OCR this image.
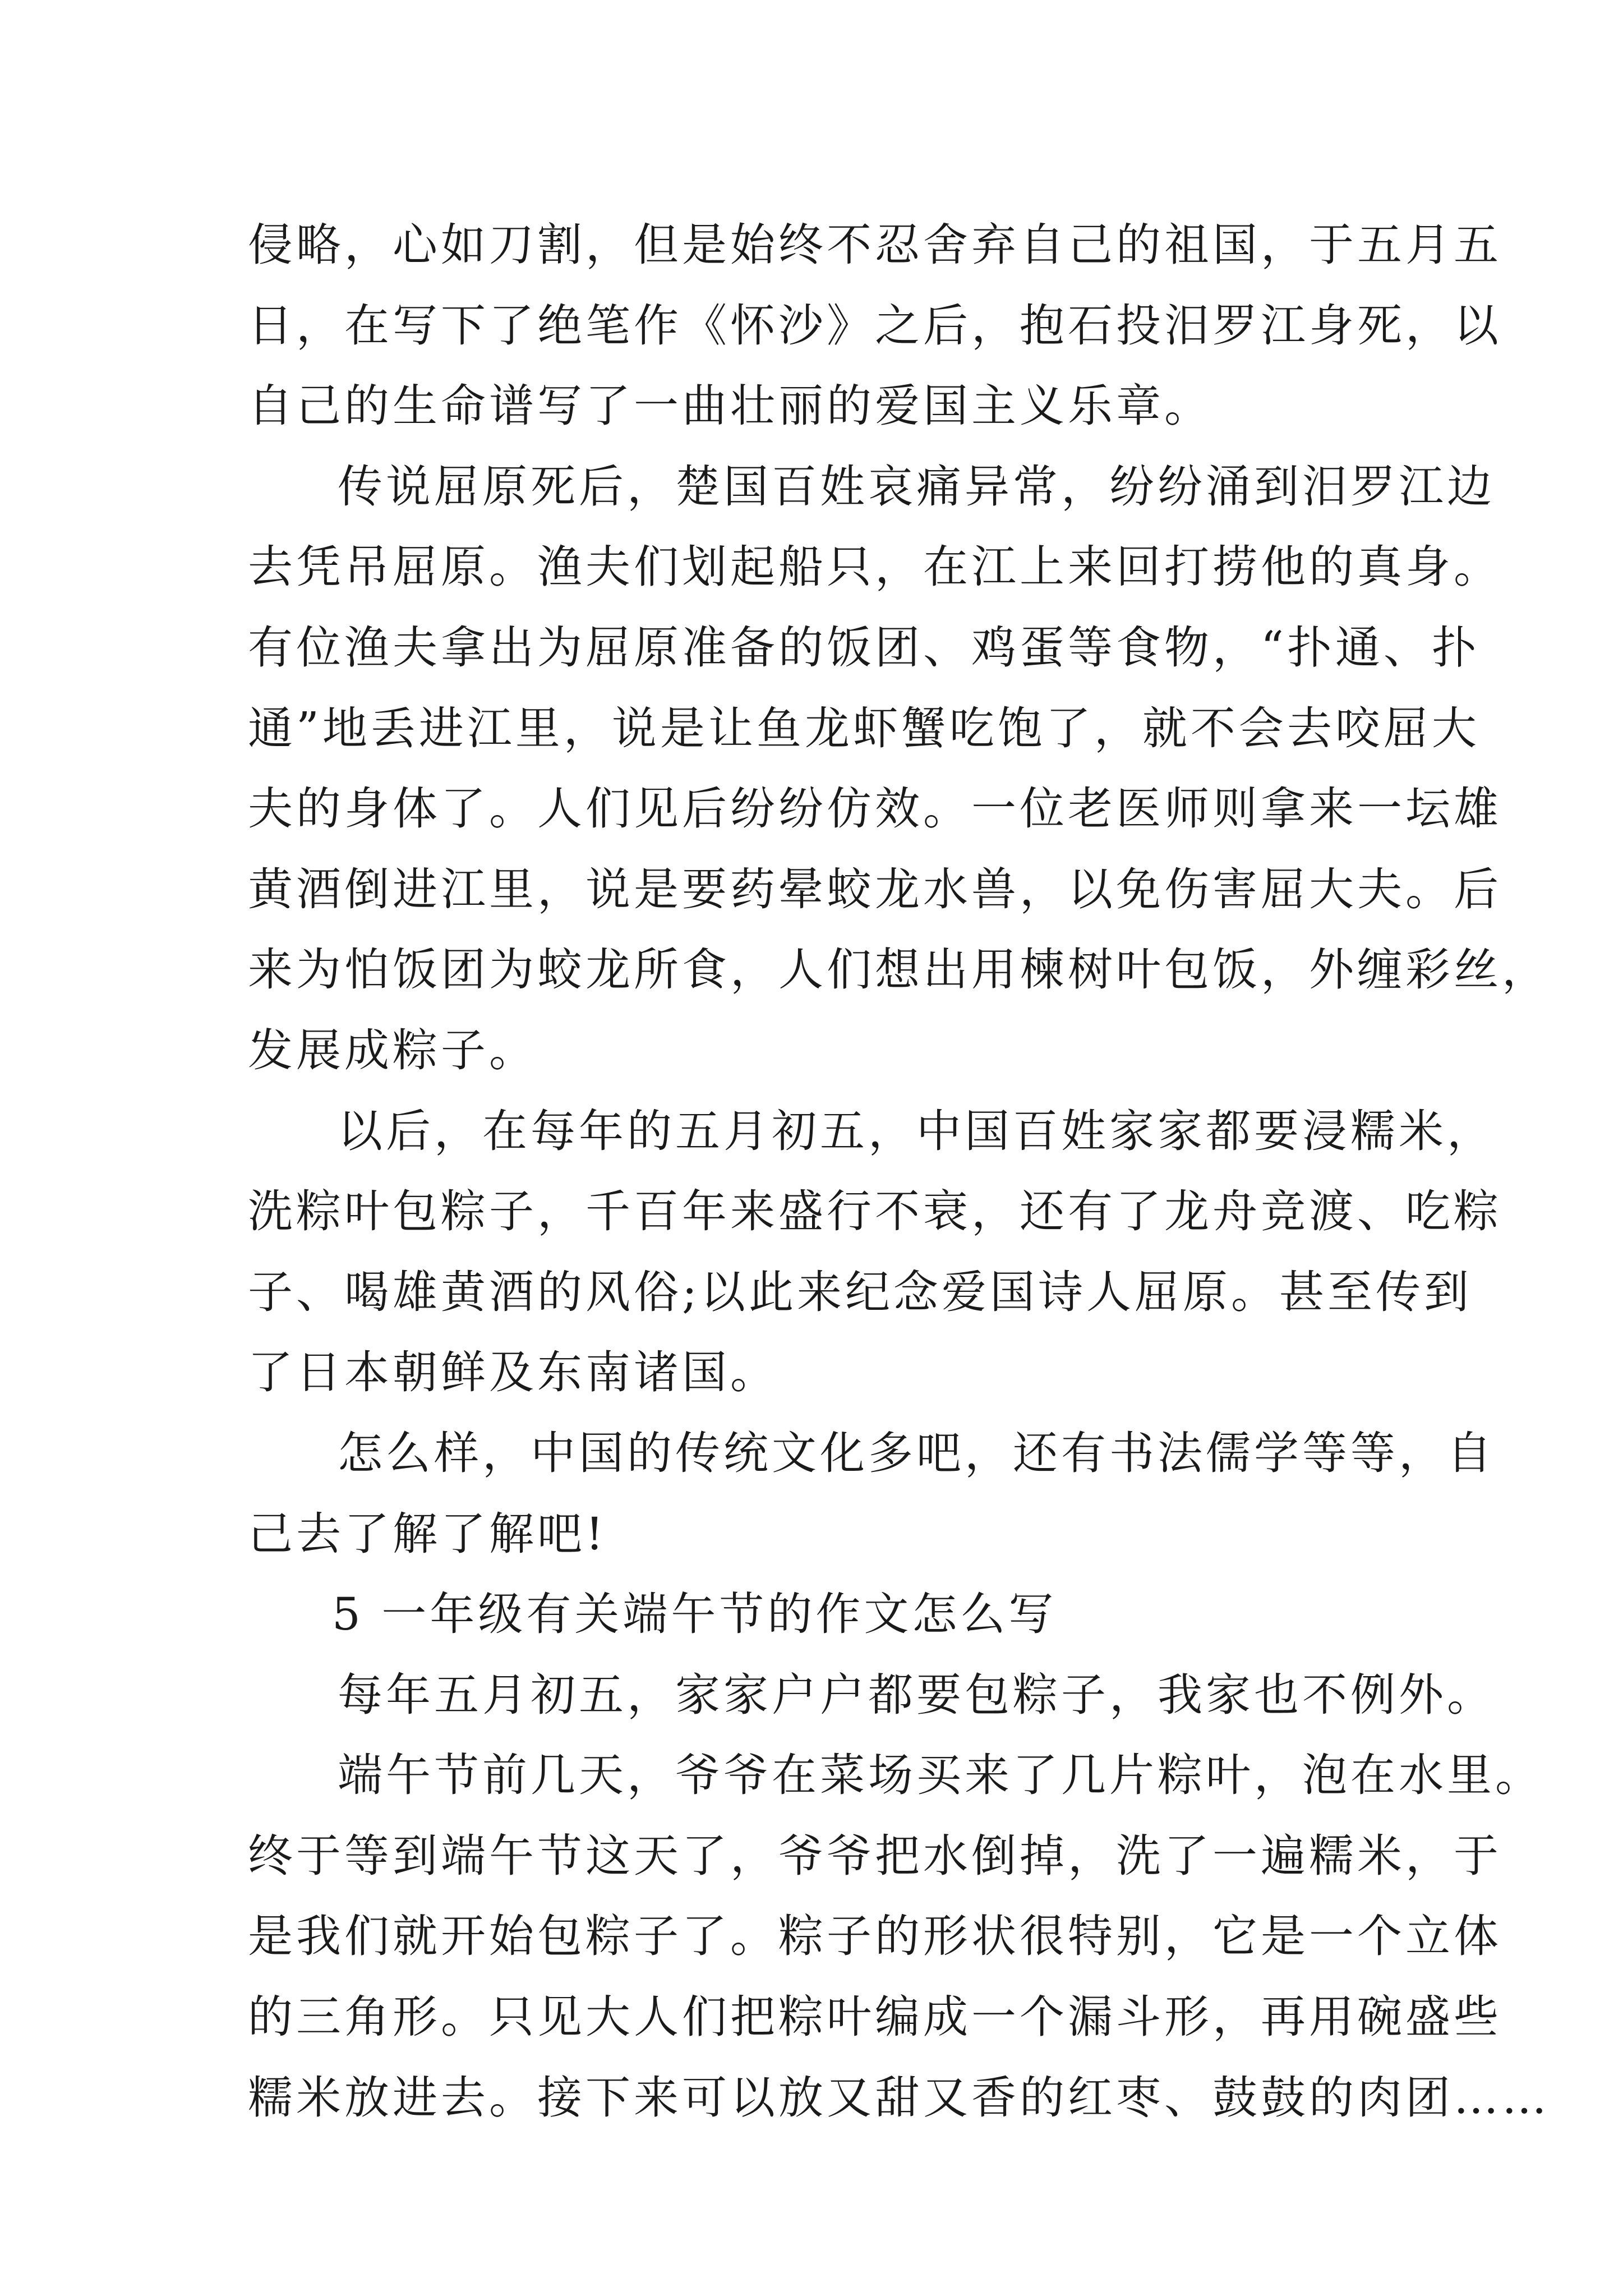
侵略，心如刀割，但是始终不忍舍弃自己的祖国，于五月五
日，在写下了绝笔作《怀沙》之后，抱石投汨罗江身死，以
自己的生命谱写了一曲壮丽的爱国主义乐章。
传说屈原死后，楚国百姓哀痛异常，纷纷涌到汨罗江边
去凭吊屈原。渔夫们划起船只，在江上来回打捞他的真身。
有位渔夫拿出为屈原准备的饭团、鸡蛋等食物，“扑通、扑
通”地丢进江里，说是让鱼龙虾蟹吃饱了，就不会去咬屈大
夫的身体了。人们见后纷纷仿效。一位老医师则拿来一坛雄
黄酒倒进江里，说是要药晕蛟龙水兽，以免伤害屈大夫。后
来为怕饭团为蛟龙所食，人们想出用楝树叶包饭，外缠彩丝，
发展成粽子。
以后，在每年的五月初五，中国百姓家家都要浸糯米，
洗粽叶包粽子，千百年来盛行不衰，还有了龙舟竞渡、吃粽
子、喝雄黄酒的风俗;以此来纪念爱国诗人屈原。甚至传到
了日本朝鲜及东南诸国。
怎么样，中国的传统文化多吧，还有书法儒学等等，自
己去了解了解吧!
5 一年级有关端午节的作文怎么写
每年五月初五，家家户户都要包粽子，我家也不例外。
端午节前几天，爷爷在菜场买来了几片粽叶，泡在水里。
终于等到端午节这天了，爷爷把水倒掉，洗了一遍糯米，于
是我们就开始包粽子了。粽子的形状很特别，它是一个立体
的三角形。只见大人们把粽叶编成一个漏斗形，再用碗盛些
糯米放进去。接下来可以放又甜又香的红枣、鼓鼓的肉团……
